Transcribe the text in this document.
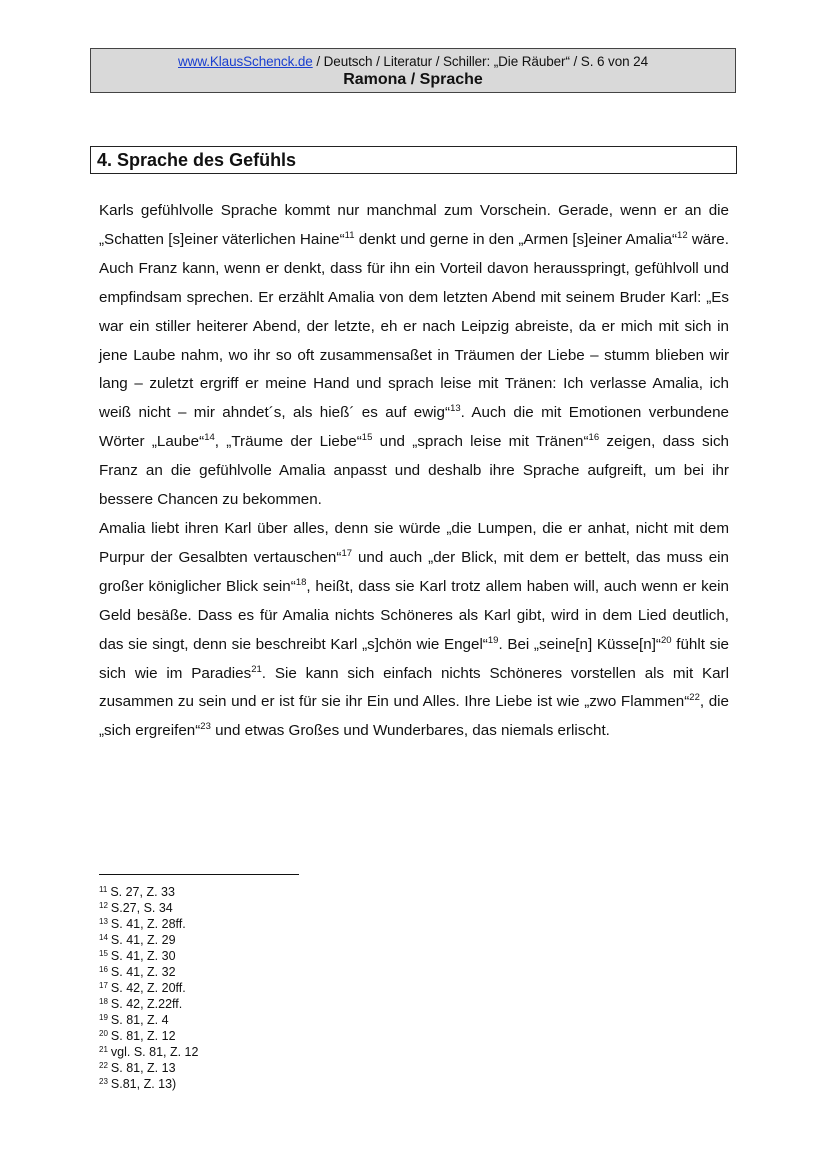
www.KlausSchenck.de / Deutsch / Literatur / Schiller: „Die Räuber“ / S. 6 von 24
Ramona / Sprache
4. Sprache des Gefühls

Karls gefühlvolle Sprache kommt nur manchmal zum Vorschein. Gerade, wenn er an die „Schatten [s]einer väterlichen Haine“$^{11}$ denkt und gerne in den „Armen [s]einer Amalia“$^{12}$ wäre.

Auch Franz kann, wenn er denkt, dass für ihn ein Vorteil davon herausspringt, gefühlvoll und empfindsam sprechen. Er erzählt Amalia von dem letzten Abend mit seinem Bruder Karl: „Es war ein stiller heiterer Abend, der letzte, eh er nach Leipzig abreiste, da er mich mit sich in jene Laube nahm, wo ihr so oft zusammensaßet in Träumen der Liebe – stumm blieben wir lang – zuletzt ergriff er meine Hand und sprach leise mit Tränen: Ich verlasse Amalia, ich weiß nicht – mir ahndet´s, als hieß´ es auf ewig“$^{13}$. Auch die mit Emotionen verbundene Wörter „Laube“$^{14}$, „Träume der Liebe“$^{15}$ und „sprach leise mit Tränen“$^{16}$ zeigen, dass sich Franz an die gefühlvolle Amalia anpasst und deshalb ihre Sprache aufgreift, um bei ihr bessere Chancen zu bekommen.

Amalia liebt ihren Karl über alles, denn sie würde „die Lumpen, die er anhat, nicht mit dem Purpur der Gesalbten vertauschen“$^{17}$ und auch „der Blick, mit dem er bettelt, das muss ein großer königlicher Blick sein“$^{18}$, heißt, dass sie Karl trotz allem haben will, auch wenn er kein Geld besäße. Dass es für Amalia nichts Schöneres als Karl gibt, wird in dem Lied deutlich, das sie singt, denn sie beschreibt Karl „s]chön wie Engel“$^{19}$. Bei „seine[n] Küsse[n]“$^{20}$ fühlt sie sich wie im Paradies$^{21}$. Sie kann sich einfach nichts Schöneres vorstellen als mit Karl zusammen zu sein und er ist für sie ihr Ein und Alles. Ihre Liebe ist wie „zwo Flammen“$^{22}$, die „sich ergreifen“$^{23}$ und etwas Großes und Wunderbares, das niemals erlischt.

$^{11}$ S. 27, Z. 33
$^{12}$ S.27, S. 34
$^{13}$ S. 41, Z. 28ff.
$^{14}$ S. 41, Z. 29
$^{15}$ S. 41, Z. 30
$^{16}$ S. 41, Z. 32
$^{17}$ S. 42, Z. 20ff.
$^{18}$ S. 42, Z.22ff.
$^{19}$ S. 81, Z. 4
$^{20}$ S. 81, Z. 12
$^{21}$ vgl. S. 81, Z. 12
$^{22}$ S. 81, Z. 13
$^{23}$ S.81, Z. 13)
